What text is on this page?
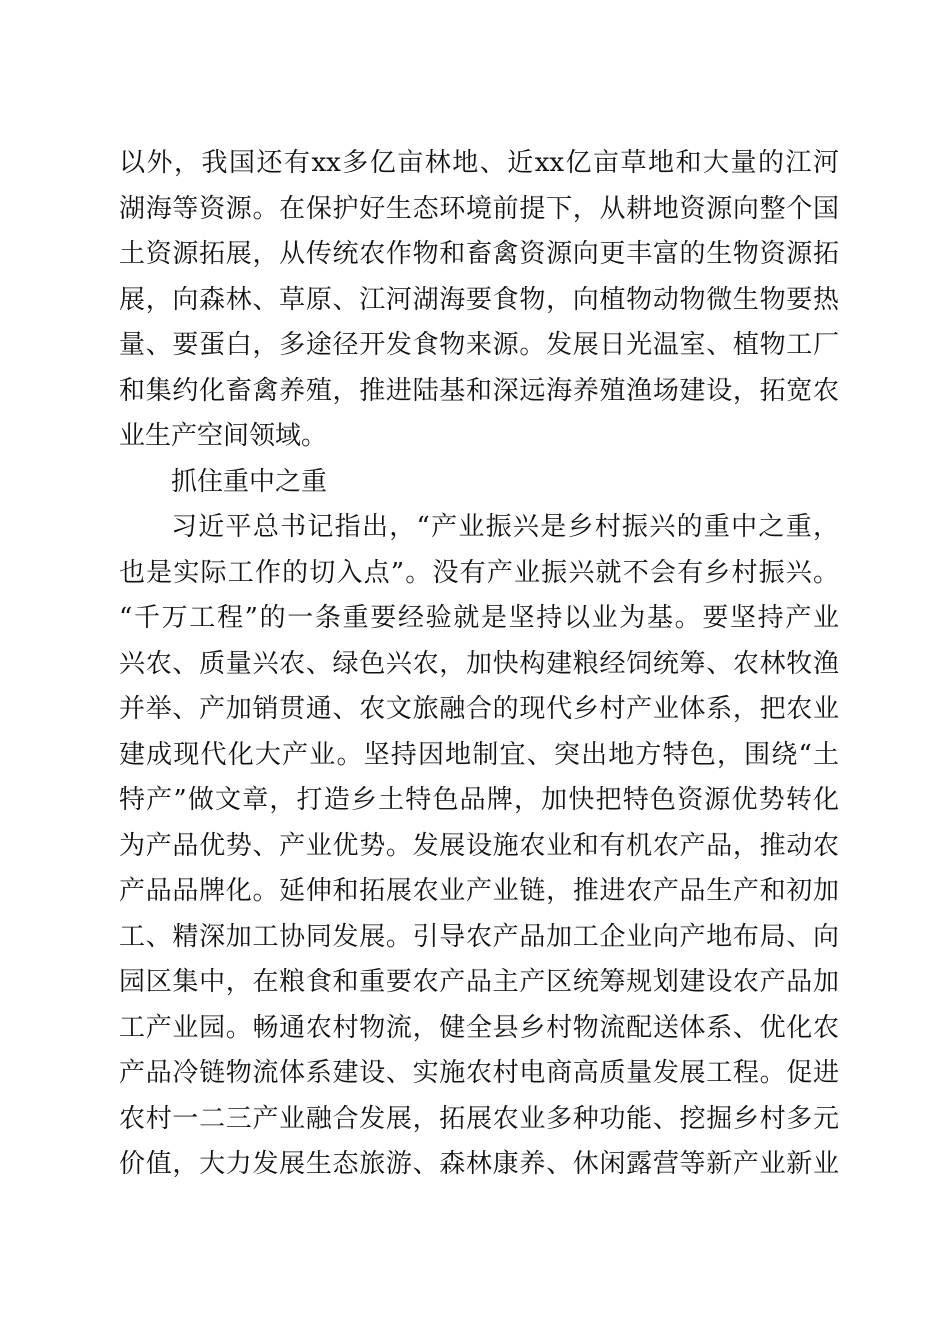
以外，我国还有xx多亿亩林地、近xx亿亩草地和大量的江河
湖海等资源。在保护好生态环境前提下，从耕地资源向整个国
土资源拓展，从传统农作物和畜禽资源向更丰富的生物资源拓
展，向森林、草原、江河湖海要食物，向植物动物微生物要热
量、要蛋白，多途径开发食物来源。发展日光温室、植物工厂
和集约化畜禽养殖，推进陆基和深远海养殖渔场建设，拓宽农
业生产空间领域。
抓住重中之重
习近平总书记指出，“产业振兴是乡村振兴的重中之重，
也是实际工作的切入点”。没有产业振兴就不会有乡村振兴。
“千万工程”的一条重要经验就是坚持以业为基。要坚持产业
兴农、质量兴农、绿色兴农，加快构建粮经饲统筹、农林牧渔
并举、产加销贯通、农文旅融合的现代乡村产业体系，把农业
建成现代化大产业。坚持因地制宜、突出地方特色，围绕“土
特产”做文章，打造乡土特色品牌，加快把特色资源优势转化
为产品优势、产业优势。发展设施农业和有机农产品，推动农
产品品牌化。延伸和拓展农业产业链，推进农产品生产和初加
工、精深加工协同发展。引导农产品加工企业向产地布局、向
园区集中，在粮食和重要农产品主产区统筹规划建设农产品加
工产业园。畅通农村物流，健全县乡村物流配送体系、优化农
产品冷链物流体系建设、实施农村电商高质量发展工程。促进
农村一二三产业融合发展，拓展农业多种功能、挖掘乡村多元
价值，大力发展生态旅游、森林康养、休闲露营等新产业新业
